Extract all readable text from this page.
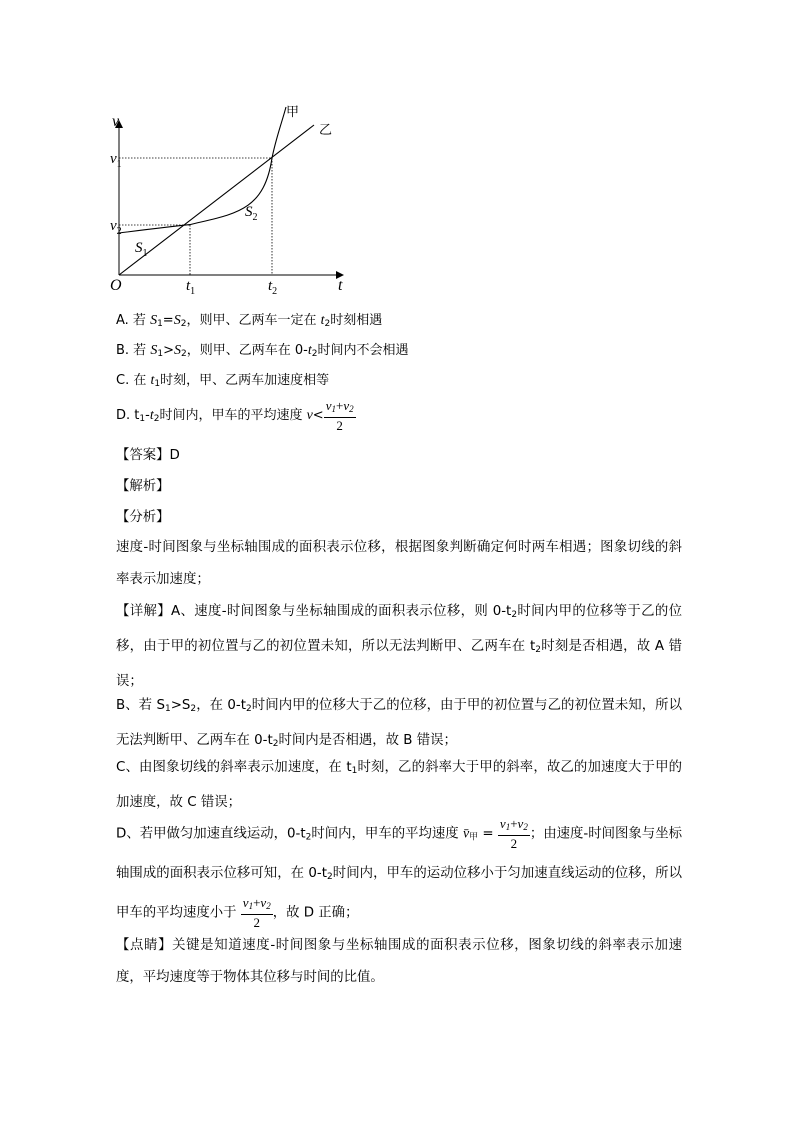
v
t
O
$v_1$
$v_2$
$t_1$	$t_2$
$S_1$
$S_2$
甲
乙
A. 若 $S_1=S_2$，则甲、乙两车一定在 $t_2$时刻相遇
B. 若 $S_1>S_2$，则甲、乙两车在 $0-t_2$时间内不会相遇
C. 在 $t_1$时刻，甲、乙两车加速度相等
D. $t_1-t_2$时间内，甲车的平均速度 $v< \frac{v_1+v_2}{2}$
【答案】D
【解析】
【分析】
速度-时间图象与坐标轴围成的面积表示位移，根据图象判断确定何时两车相遇；图象切线的斜率表示加速度；
【详解】A、速度-时间图象与坐标轴围成的面积表示位移，则 $0-t_2$时间内甲的位移等于乙的位移，由于甲的初位置与乙的初位置未知，所以无法判断甲、乙两车在 $t_2$时刻是否相遇，故 A 错误；
B、若 $S_1>S_2$，在 $0-t_2$时间内甲的位移大于乙的位移，由于甲的初位置与乙的初位置未知，所以无法判断甲、乙两车在 $0-t_2$时间内是否相遇，故 B 错误；
C、由图象切线的斜率表示加速度，在 $t_1$时刻，乙的斜率大于甲的斜率，故乙的加速度大于甲的加速度，故 C 错误；
D、若甲做匀加速直线运动，$0-t_2$时间内，甲车的平均速度 $v̄_甲 = \frac{v_1+v_2}{2}$ ；由速度-时间图象与坐标轴围成的面积表示位移可知，在 $0-t_2$时间内，甲车的运动位移小于匀加速直线运动的位移，所以甲车的平均速度小于 $\frac{v_1+v_2}{2}$ ，故 D 正确；
【点睛】关键是知道速度-时间图象与坐标轴围成的面积表示位移，图象切线的斜率表示加速度，平均速度等于物体其位移与时间的比值。
